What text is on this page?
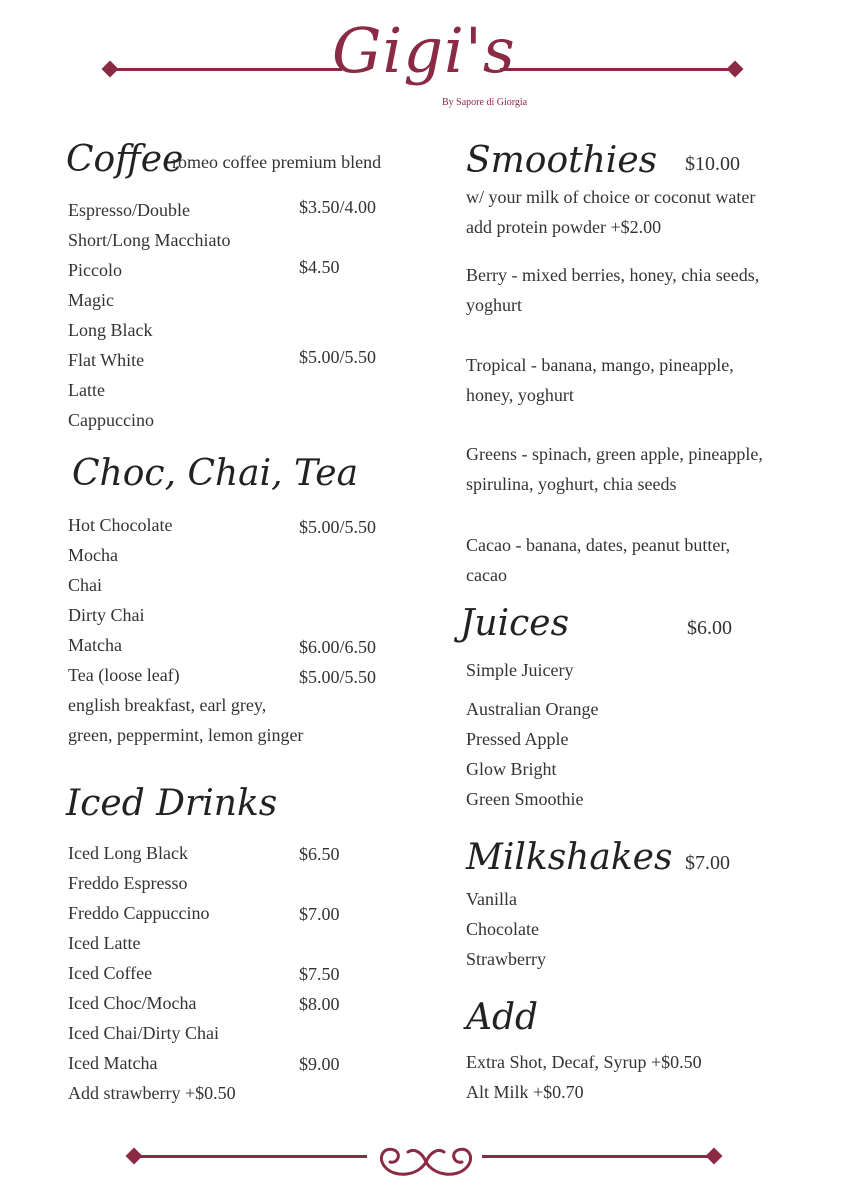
Gigi's
By Sapore di Giorgia
Coffee
romeo coffee premium blend
Espresso/Double
Short/Long Macchiato
Piccolo
Magic
Long Black
Flat White
Latte
Cappuccino
$3.50/4.00
$4.50
$5.00/5.50
Choc, Chai, Tea
Hot Chocolate
Mocha
Chai
Dirty Chai
Matcha
Tea (loose leaf)
english breakfast, earl grey,
green, peppermint, lemon ginger
$5.00/5.50
$6.00/6.50
$5.00/5.50
Iced Drinks
Iced Long Black
Freddo Espresso
Freddo Cappuccino
Iced Latte
Iced Coffee
Iced Choc/Mocha
Iced Chai/Dirty Chai
Iced Matcha
Add strawberry +$0.50
$6.50
$7.00
$7.50
$8.00
$9.00
Smoothies $10.00
w/ your milk of choice or coconut water
add protein powder +$2.00
Berry - mixed berries, honey, chia seeds,
yoghurt
Tropical - banana, mango, pineapple,
honey, yoghurt
Greens - spinach, green apple, pineapple,
spirulina, yoghurt, chia seeds
Cacao - banana, dates, peanut butter,
cacao
Juices	$6.00
Simple Juicery
Australian Orange
Pressed Apple
Glow Bright
Green Smoothie
Milkshakes $7.00
Vanilla
Chocolate
Strawberry
Add
Extra Shot, Decaf, Syrup +$0.50
Alt Milk +$0.70
